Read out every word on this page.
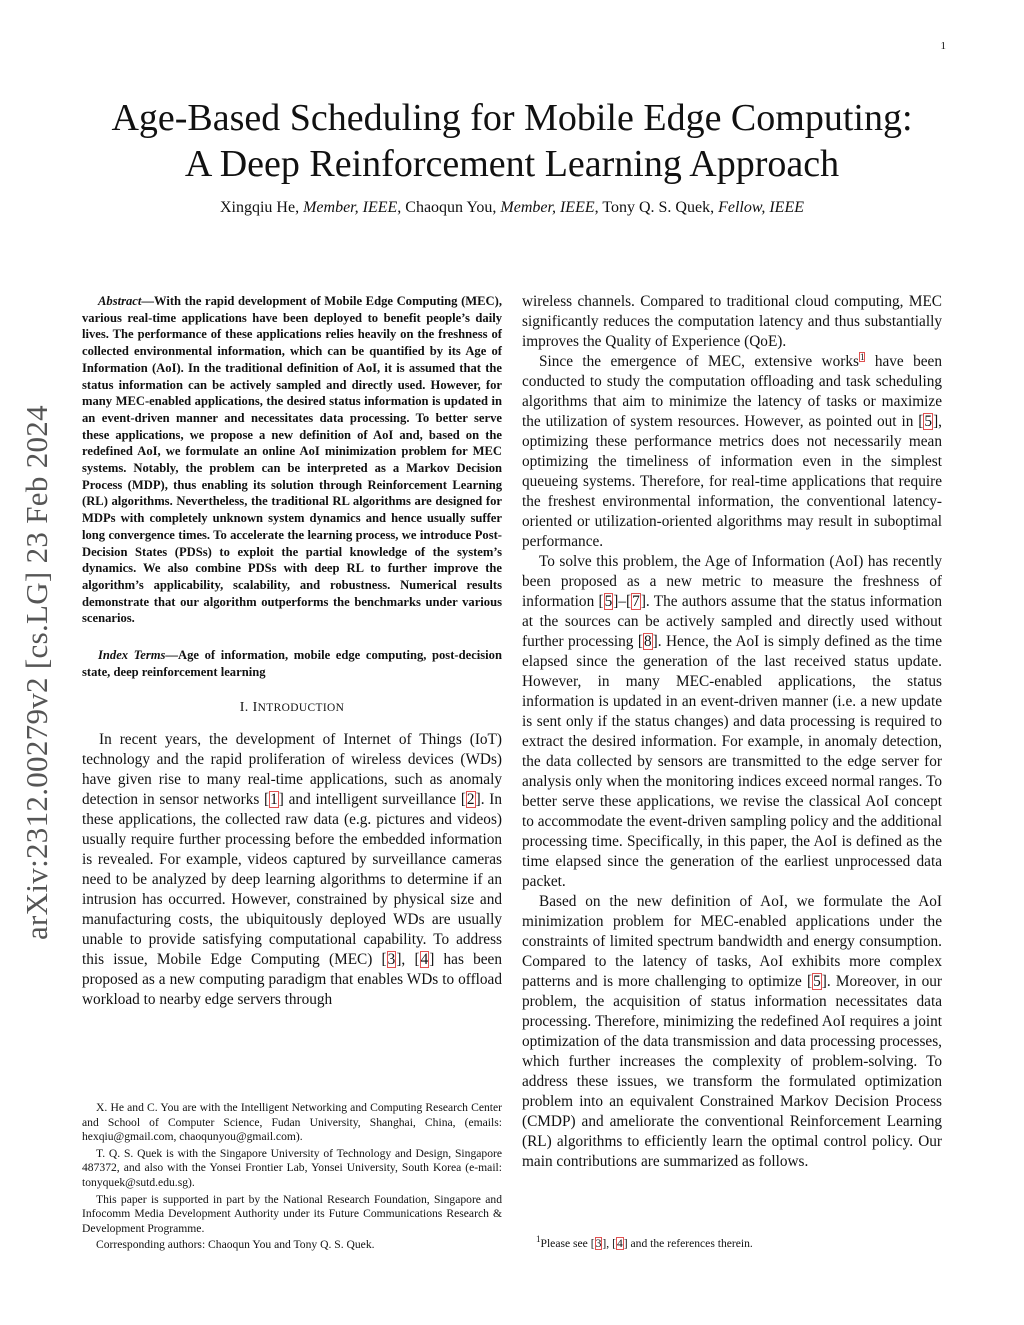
1
arXiv:2312.00279v2 [cs.LG] 23 Feb 2024
Age-Based Scheduling for Mobile Edge Computing:
A Deep Reinforcement Learning Approach
Xingqiu He, Member, IEEE, Chaoqun You, Member, IEEE, Tony Q. S. Quek, Fellow, IEEE

Abstract—With the rapid development of Mobile Edge Computing (MEC), various real-time applications have been deployed to benefit people’s daily lives. The performance of these applications relies heavily on the freshness of collected environmental information, which can be quantified by its Age of Information (AoI). In the traditional definition of AoI, it is assumed that the status information can be actively sampled and directly used. However, for many MEC-enabled applications, the desired status information is updated in an event-driven manner and necessitates data processing. To better serve these applications, we propose a new definition of AoI and, based on the redefined AoI, we formulate an online AoI minimization problem for MEC systems. Notably, the problem can be interpreted as a Markov Decision Process (MDP), thus enabling its solution through Reinforcement Learning (RL) algorithms. Nevertheless, the traditional RL algorithms are designed for MDPs with completely unknown system dynamics and hence usually suffer long convergence times. To accelerate the learning process, we introduce Post-Decision States (PDSs) to exploit the partial knowledge of the system’s dynamics. We also combine PDSs with deep RL to further improve the algorithm’s applicability, scalability, and robustness. Numerical results demonstrate that our algorithm outperforms the benchmarks under various scenarios.

Index Terms—Age of information, mobile edge computing, post-decision state, deep reinforcement learning

I. INTRODUCTION

In recent years, the development of Internet of Things (IoT) technology and the rapid proliferation of wireless devices (WDs) have given rise to many real-time applications, such as anomaly detection in sensor networks [1] and intelligent surveillance [2]. In these applications, the collected raw data (e.g. pictures and videos) usually require further processing before the embedded information is revealed. For example, videos captured by surveillance cameras need to be analyzed by deep learning algorithms to determine if an intrusion has occurred. However, constrained by physical size and manufacturing costs, the ubiquitously deployed WDs are usually unable to provide satisfying computational capability. To address this issue, Mobile Edge Computing (MEC) [3], [4] has been proposed as a new computing paradigm that enables WDs to offload workload to nearby edge servers through

X. He and C. You are with the Intelligent Networking and Computing Research Center and School of Computer Science, Fudan University, Shanghai, China, (emails: hexqiu@gmail.com, chaoqunyou@gmail.com).

T. Q. S. Quek is with the Singapore University of Technology and Design, Singapore 487372, and also with the Yonsei Frontier Lab, Yonsei University, South Korea (e-mail: tonyquek@sutd.edu.sg).

This paper is supported in part by the National Research Foundation, Singapore and Infocomm Media Development Authority under its Future Communications Research & Development Programme.

Corresponding authors: Chaoqun You and Tony Q. S. Quek.

wireless channels. Compared to traditional cloud computing, MEC significantly reduces the computation latency and thus substantially improves the Quality of Experience (QoE).

Since the emergence of MEC, extensive works$^1$ have been conducted to study the computation offloading and task scheduling algorithms that aim to minimize the latency of tasks or maximize the utilization of system resources. However, as pointed out in [5], optimizing these performance metrics does not necessarily mean optimizing the timeliness of information even in the simplest queueing systems. Therefore, for real-time applications that require the freshest environmental information, the conventional latency-oriented or utilization-oriented algorithms may result in suboptimal performance.

To solve this problem, the Age of Information (AoI) has recently been proposed as a new metric to measure the freshness of information [5]–[7]. The authors assume that the status information at the sources can be actively sampled and directly used without further processing [8]. Hence, the AoI is simply defined as the time elapsed since the generation of the last received status update. However, in many MEC-enabled applications, the status information is updated in an event-driven manner (i.e. a new update is sent only if the status changes) and data processing is required to extract the desired information. For example, in anomaly detection, the data collected by sensors are transmitted to the edge server for analysis only when the monitoring indices exceed normal ranges. To better serve these applications, we revise the classical AoI concept to accommodate the event-driven sampling policy and the additional processing time. Specifically, in this paper, the AoI is defined as the time elapsed since the generation of the earliest unprocessed data packet.

Based on the new definition of AoI, we formulate the AoI minimization problem for MEC-enabled applications under the constraints of limited spectrum bandwidth and energy consumption. Compared to the latency of tasks, AoI exhibits more complex patterns and is more challenging to optimize [5]. Moreover, in our problem, the acquisition of status information necessitates data processing. Therefore, minimizing the redefined AoI requires a joint optimization of the data transmission and data processing processes, which further increases the complexity of problem-solving. To address these issues, we transform the formulated optimization problem into an equivalent Constrained Markov Decision Process (CMDP) and ameliorate the conventional Reinforcement Learning (RL) algorithms to efficiently learn the optimal control policy. Our main contributions are summarized as follows.

$^1$Please see [3], [4] and the references therein.
